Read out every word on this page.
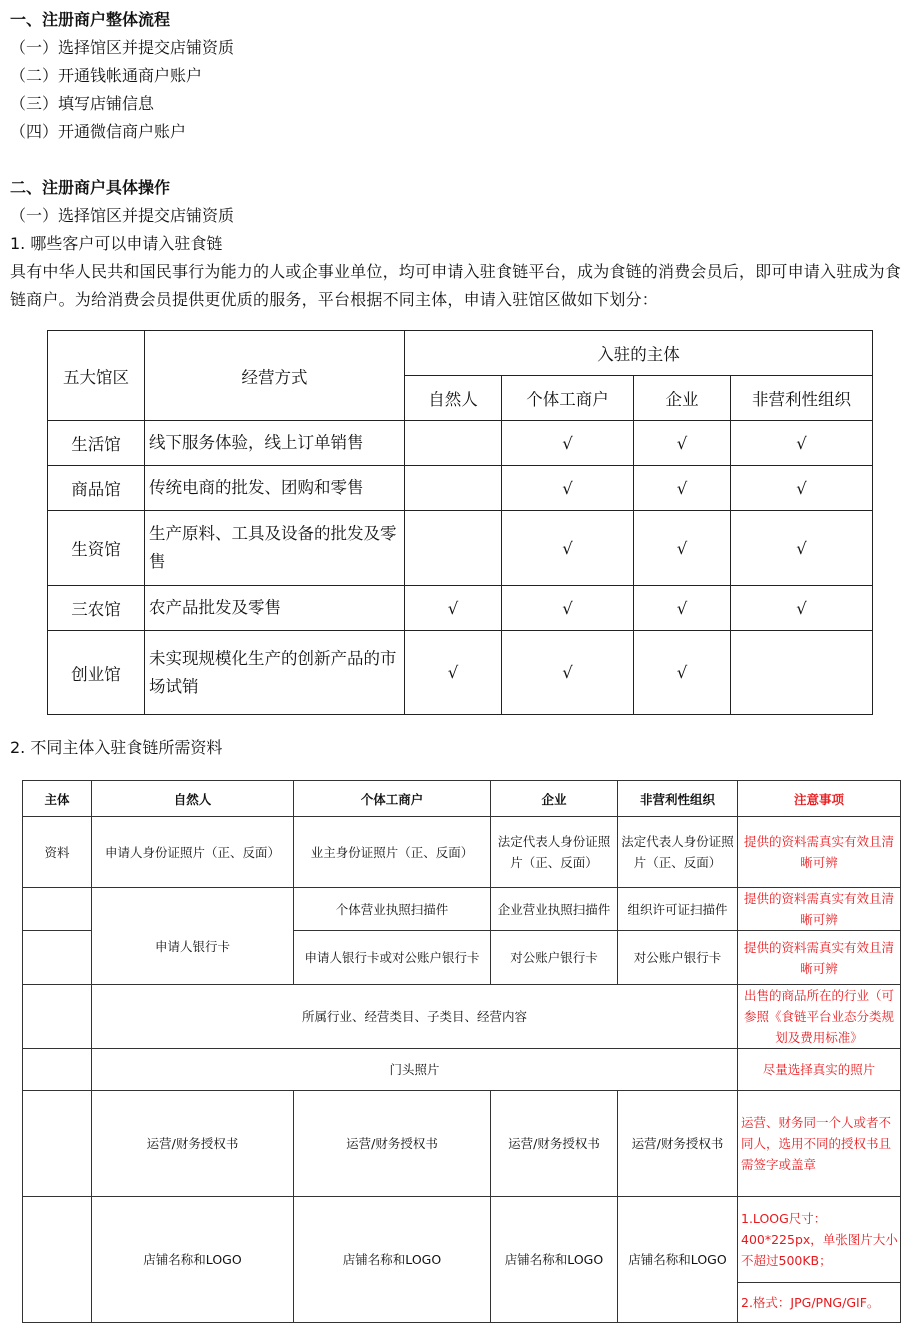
一、注册商户整体流程
（一）选择馆区并提交店铺资质
（二）开通钱帐通商户账户
（三）填写店铺信息
（四）开通微信商户账户
二、注册商户具体操作
（一）选择馆区并提交店铺资质
1. 哪些客户可以申请入驻食链
具有中华人民共和国民事行为能力的人或企事业单位，均可申请入驻食链平台，成为食链的消费会员后，即可申请入驻成为食链商户。为给消费会员提供更优质的服务，平台根据不同主体，申请入驻馆区做如下划分：
五大馆区	经营方式	入驻的主体			
		自然人	个体工商户	企业	非营利性组织
生活馆	线下服务体验，线上订单销售		√	√	√
商品馆	传统电商的批发、团购和零售		√	√	√
生资馆	生产原料、工具及设备的批发及零售		√	√	√
三农馆	农产品批发及零售	√	√	√	√
创业馆	未实现规模化生产的创新产品的市场试销	√	√	√	
2. 不同主体入驻食链所需资料
主体	自然人	个体工商户	企业	非营利性组织	注意事项
资料	申请人身份证照片（正、反面）	业主身份证照片（正、反面）	法定代表人身份证照片（正、反面）	法定代表人身份证照片（正、反面）	提供的资料需真实有效且清晰可辨
	申请人银行卡	个体营业执照扫描件	企业营业执照扫描件	组织许可证扫描件	提供的资料需真实有效且清晰可辨
		申请人银行卡或对公账户银行卡	对公账户银行卡	对公账户银行卡	提供的资料需真实有效且清晰可辨
	所属行业、经营类目、子类目、经营内容				出售的商品所在的行业（可参照《食链平台业态分类规划及费用标准》
	门头照片				尽量选择真实的照片
	运营/财务授权书	运营/财务授权书	运营/财务授权书	运营/财务授权书	运营、财务同一个人或者不同人，选用不同的授权书且需签字或盖章
	店铺名称和LOGO	店铺名称和LOGO	店铺名称和LOGO	店铺名称和LOGO	1.LOOG尺寸：400*225px，单张图片大小不超过500KB；
					2.格式：JPG/PNG/GIF。
